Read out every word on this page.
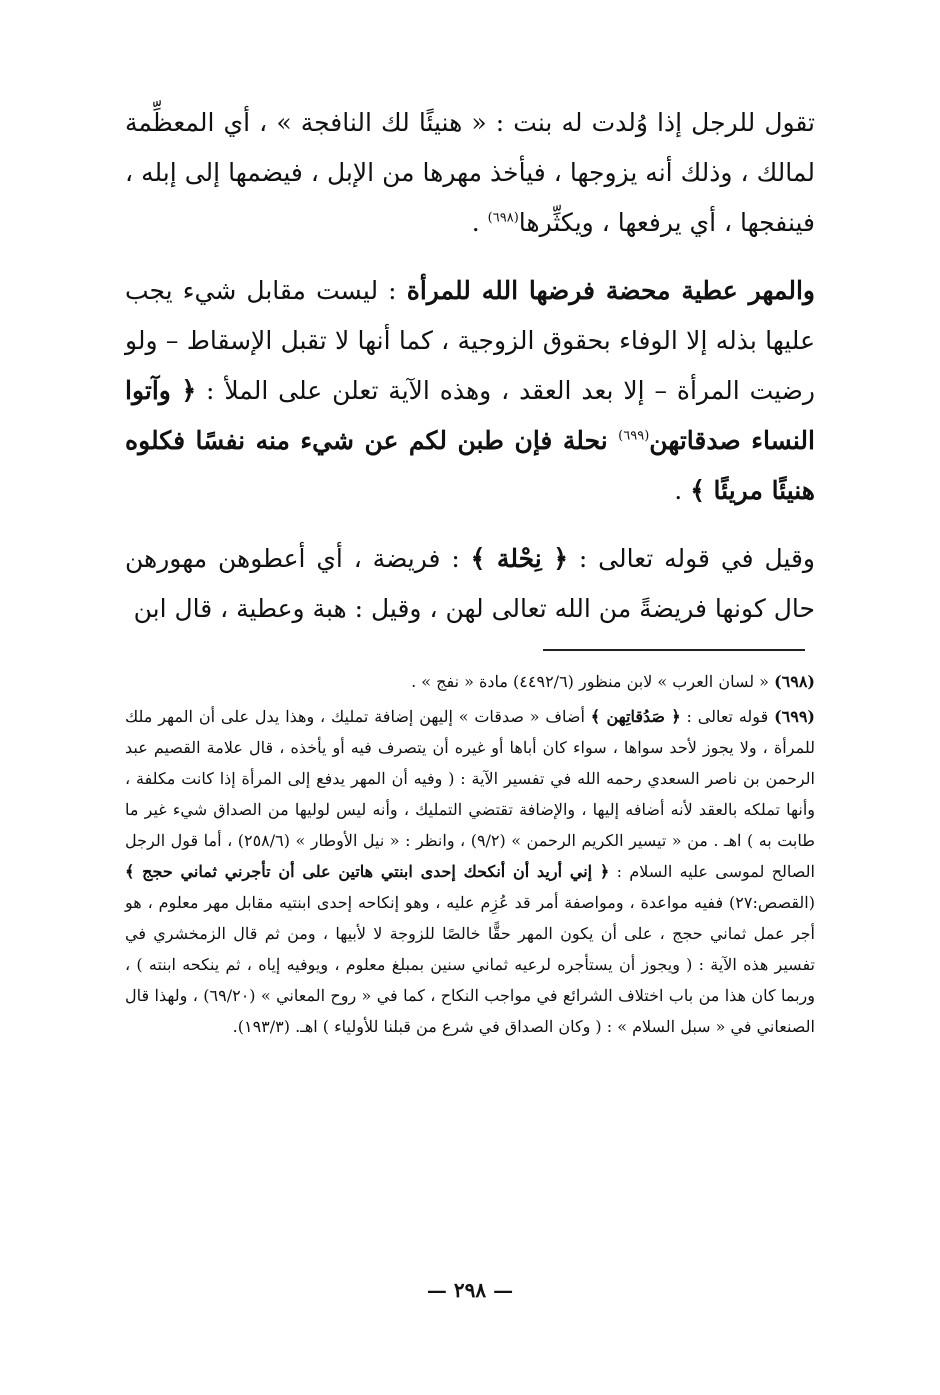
تقول للرجل إذا وُلدت له بنت : « هنيئًا لك النافجة » ، أي المعظِّمة لمالك ، وذلك أنه يزوجها ، فيأخذ مهرها من الإبل ، فيضمها إلى إبله ، فينفجها ، أي يرفعها ، ويكثِّرها$^{(٦٩٨)}$ .

والمهر عطية محضة فرضها الله للمرأة : ليست مقابل شيء يجب عليها بذله إلا الوفاء بحقوق الزوجية ، كما أنها لا تقبل الإسقاط – ولو رضيت المرأة – إلا بعد العقد ، وهذه الآية تعلن على الملأ : ﴿ وآتوا النساء صدقاتهن$^{(٦٩٩)}$ نحلة فإن طبن لكم عن شيء منه نفسًا فكلوه هنيئًا مريئًا ﴾ .

وقيل في قوله تعالى : ﴿ نِحْلة ﴾ : فريضة ، أي أعطوهن مهورهن حال كونها فريضةً من الله تعالى لهن ، وقيل : هبة وعطية ، قال ابن

(٦٩٨) « لسان العرب » لابن منظور (٤٤٩٢/٦) مادة « نفج » .

(٦٩٩) قوله تعالى : ﴿ صَدُقاتِهن ﴾ أضاف « صدقات » إليهن إضافة تمليك ، وهذا يدل على أن المهر ملك للمرأة ، ولا يجوز لأحد سواها ، سواء كان أباها أو غيره أن يتصرف فيه أو يأخذه ، قال علامة القصيم عبد الرحمن بن ناصر السعدي رحمه الله في تفسير الآية : ( وفيه أن المهر يدفع إلى المرأة إذا كانت مكلفة ، وأنها تملكه بالعقد لأنه أضافه إليها ، والإضافة تقتضي التمليك ، وأنه ليس لوليها من الصداق شيء غير ما طابت به ) اهـ . من « تيسير الكريم الرحمن » (٩/٢) ، وانظر : « نيل الأوطار » (٢٥٨/٦) ، أما قول الرجل الصالح لموسى عليه السلام : ﴿ إني أريد أن أنكحك إحدى ابنتي هاتين على أن تأجرني ثماني حجج ﴾ (القصص:٢٧) ففيه مواعدة ، ومواصفة أمر قد عُزِم عليه ، وهو إنكاحه إحدى ابنتيه مقابل مهر معلوم ، هو أجر عمل ثماني حجج ، على أن يكون المهر حقًّا خالصًا للزوجة لا لأبيها ، ومن ثم قال الزمخشري في تفسير هذه الآية : ( ويجوز أن يستأجره لرعيه ثماني سنين بمبلغ معلوم ، ويوفيه إياه ، ثم ينكحه ابنته ) ، وربما كان هذا من باب اختلاف الشرائع في مواجب النكاح ، كما في « روح المعاني » (٦٩/٢٠) ، ولهذا قال الصنعاني في « سبل السلام » : ( وكان الصداق في شرع من قبلنا للأولياء ) اهـ. (١٩٣/٣).

— ٢٩٨ —
